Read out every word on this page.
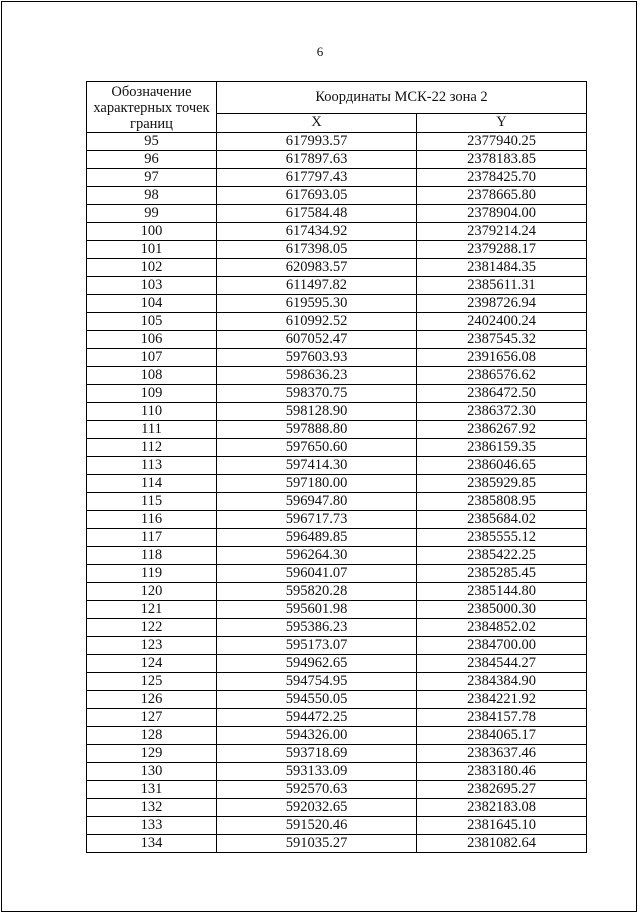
6
Обозначение характерных точек границ	Координаты МСК-22 зона 2	
	X	Y
95	617993.57	2377940.25
96	617897.63	2378183.85
97	617797.43	2378425.70
98	617693.05	2378665.80
99	617584.48	2378904.00
100	617434.92	2379214.24
101	617398.05	2379288.17
102	620983.57	2381484.35
103	611497.82	2385611.31
104	619595.30	2398726.94
105	610992.52	2402400.24
106	607052.47	2387545.32
107	597603.93	2391656.08
108	598636.23	2386576.62
109	598370.75	2386472.50
110	598128.90	2386372.30
111	597888.80	2386267.92
112	597650.60	2386159.35
113	597414.30	2386046.65
114	597180.00	2385929.85
115	596947.80	2385808.95
116	596717.73	2385684.02
117	596489.85	2385555.12
118	596264.30	2385422.25
119	596041.07	2385285.45
120	595820.28	2385144.80
121	595601.98	2385000.30
122	595386.23	2384852.02
123	595173.07	2384700.00
124	594962.65	2384544.27
125	594754.95	2384384.90
126	594550.05	2384221.92
127	594472.25	2384157.78
128	594326.00	2384065.17
129	593718.69	2383637.46
130	593133.09	2383180.46
131	592570.63	2382695.27
132	592032.65	2382183.08
133	591520.46	2381645.10
134	591035.27	2381082.64
